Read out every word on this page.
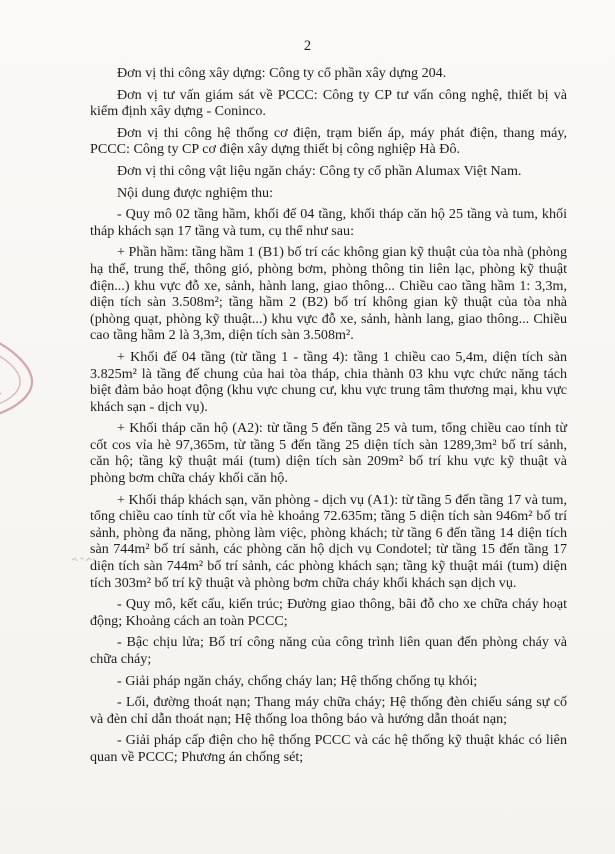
2

Đơn vị thi công xây dựng: Công ty cổ phần xây dựng 204.

Đơn vị tư vấn giám sát về PCCC: Công ty CP tư vấn công nghệ, thiết bị và kiểm định xây dựng - Coninco.

Đơn vị thi công hệ thống cơ điện, trạm biến áp, máy phát điện, thang máy, PCCC: Công ty CP cơ điện xây dựng thiết bị công nghiệp Hà Đô.

Đơn vị thi công vật liệu ngăn cháy: Công ty cổ phần Alumax Việt Nam.

Nội dung được nghiệm thu:

- Quy mô 02 tầng hầm, khối đế 04 tầng, khối tháp căn hộ 25 tầng và tum, khối tháp khách sạn 17 tầng và tum, cụ thể như sau:

+ Phần hầm: tầng hầm 1 (B1) bố trí các không gian kỹ thuật của tòa nhà (phòng hạ thế, trung thế, thông gió, phòng bơm, phòng thông tin liên lạc, phòng kỹ thuật điện...) khu vực đỗ xe, sảnh, hành lang, giao thông... Chiều cao tầng hầm 1: 3,3m, diện tích sàn 3.508m²; tầng hầm 2 (B2) bố trí không gian kỹ thuật của tòa nhà (phòng quạt, phòng kỹ thuật...) khu vực đỗ xe, sảnh, hành lang, giao thông... Chiều cao tầng hầm 2 là 3,3m, diện tích sàn 3.508m².

+ Khối đế 04 tầng (từ tầng 1 - tầng 4): tầng 1 chiều cao 5,4m, diện tích sàn 3.825m² là tầng đế chung của hai tòa tháp, chia thành 03 khu vực chức năng tách biệt đảm bảo hoạt động (khu vực chung cư, khu vực trung tâm thương mại, khu vực khách sạn - dịch vụ).

+ Khối tháp căn hộ (A2): từ tầng 5 đến tầng 25 và tum, tổng chiều cao tính từ cốt cos vỉa hè 97,365m, từ tầng 5 đến tầng 25 diện tích sàn 1289,3m² bố trí sảnh, căn hộ; tầng kỹ thuật mái (tum) diện tích sàn 209m² bố trí khu vực kỹ thuật và phòng bơm chữa cháy khối căn hộ.

+ Khối tháp khách sạn, văn phòng - dịch vụ (A1): từ tầng 5 đến tầng 17 và tum, tổng chiều cao tính từ cốt vỉa hè khoảng 72.635m; tầng 5 diện tích sàn 946m² bố trí sảnh, phòng đa năng, phòng làm việc, phòng khách; từ tầng 6 đến tầng 14 diện tích sàn 744m² bố trí sảnh, các phòng căn hộ dịch vụ Condotel; từ tầng 15 đến tầng 17 diện tích sàn 744m² bố trí sảnh, các phòng khách sạn; tầng kỹ thuật mái (tum) diện tích 303m² bố trí kỹ thuật và phòng bơm chữa cháy khối khách sạn dịch vụ.

- Quy mô, kết cấu, kiến trúc; Đường giao thông, bãi đỗ cho xe chữa cháy hoạt động; Khoảng cách an toàn PCCC;

- Bậc chịu lửa; Bố trí công năng của công trình liên quan đến phòng cháy và chữa cháy;

- Giải pháp ngăn cháy, chống cháy lan; Hệ thống chống tụ khói;

- Lối, đường thoát nạn; Thang máy chữa cháy; Hệ thống đèn chiếu sáng sự cố và đèn chỉ dẫn thoát nạn; Hệ thống loa thông báo và hướng dẫn thoát nạn;

- Giải pháp cấp điện cho hệ thống PCCC và các hệ thống kỹ thuật khác có liên quan về PCCC; Phương án chống sét;
